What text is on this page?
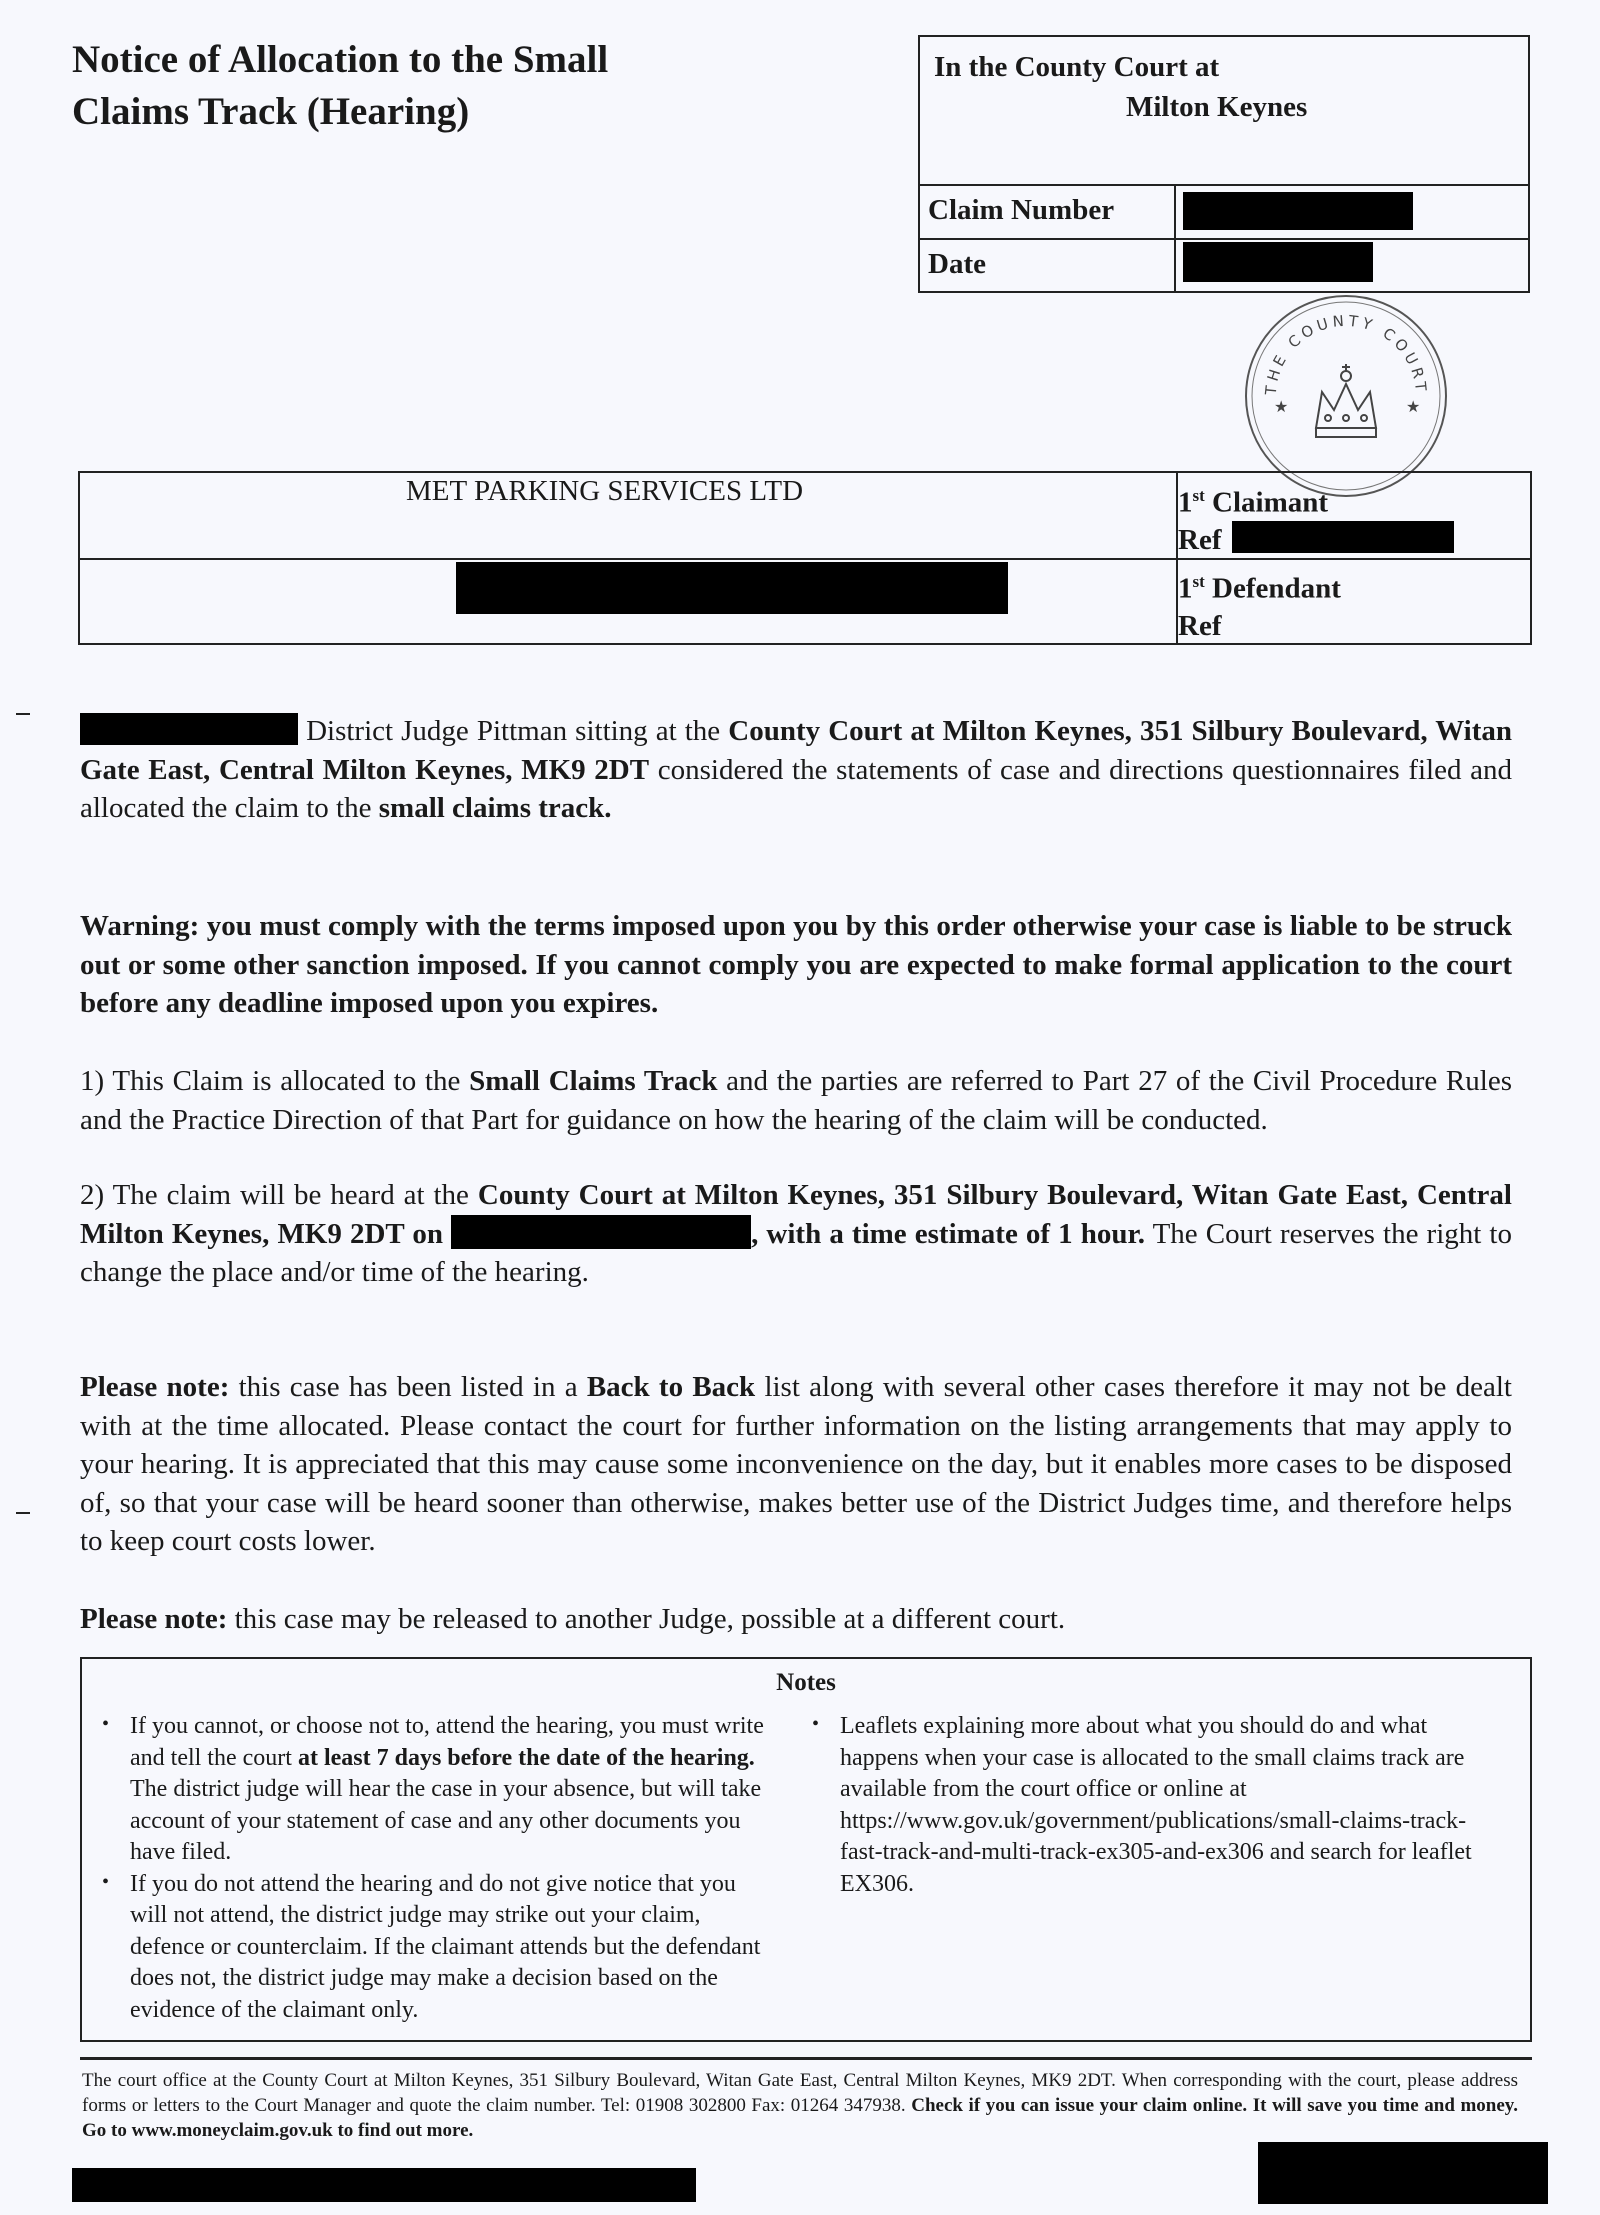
Notice of Allocation to the Small Claims Track (Hearing)
In the County Court at
Milton Keynes
Claim Number
Date
THE COUNTY COURT
★	★
MET PARKING SERVICES LTD	1st Claimant
Ref
1st Defendant
Ref
District Judge Pittman sitting at the County Court at Milton Keynes, 351 Silbury Boulevard, Witan Gate East, Central Milton Keynes, MK9 2DT considered the statements of case and directions questionnaires filed and allocated the claim to the small claims track.
Warning: you must comply with the terms imposed upon you by this order otherwise your case is liable to be struck out or some other sanction imposed. If you cannot comply you are expected to make formal application to the court before any deadline imposed upon you expires.
1) This Claim is allocated to the Small Claims Track and the parties are referred to Part 27 of the Civil Procedure Rules and the Practice Direction of that Part for guidance on how the hearing of the claim will be conducted.
2) The claim will be heard at the County Court at Milton Keynes, 351 Silbury Boulevard, Witan Gate East, Central Milton Keynes, MK9 2DT on	, with a time estimate of 1 hour. The Court reserves the right to change the place and/or time of the hearing.
Please note: this case has been listed in a Back to Back list along with several other cases therefore it may not be dealt with at the time allocated. Please contact the court for further information on the listing arrangements that may apply to your hearing. It is appreciated that this may cause some inconvenience on the day, but it enables more cases to be disposed of, so that your case will be heard sooner than otherwise, makes better use of the District Judges time, and therefore helps to keep court costs lower.
Please note: this case may be released to another Judge, possible at a different court.
Notes

• If you cannot, or choose not to, attend the hearing, you must write and tell the court at least 7 days before the date of the hearing. The district judge will hear the case in your absence, but will take account of your statement of case and any other documents you have filed.

• If you do not attend the hearing and do not give notice that you will not attend, the district judge may strike out your claim, defence or counterclaim. If the claimant attends but the defendant does not, the district judge may make a decision based on the evidence of the claimant only.

• Leaflets explaining more about what you should do and what happens when your case is allocated to the small claims track are available from the court office or online at https://www.gov.uk/government/publications/small-claims-track-fast-track-and-multi-track-ex305-and-ex306 and search for leaflet EX306.

The court office at the County Court at Milton Keynes, 351 Silbury Boulevard, Witan Gate East, Central Milton Keynes, MK9 2DT. When corresponding with the court, please address forms or letters to the Court Manager and quote the claim number. Tel: 01908 302800 Fax: 01264 347938. Check if you can issue your claim online. It will save you time and money. Go to www.moneyclaim.gov.uk to find out more.
